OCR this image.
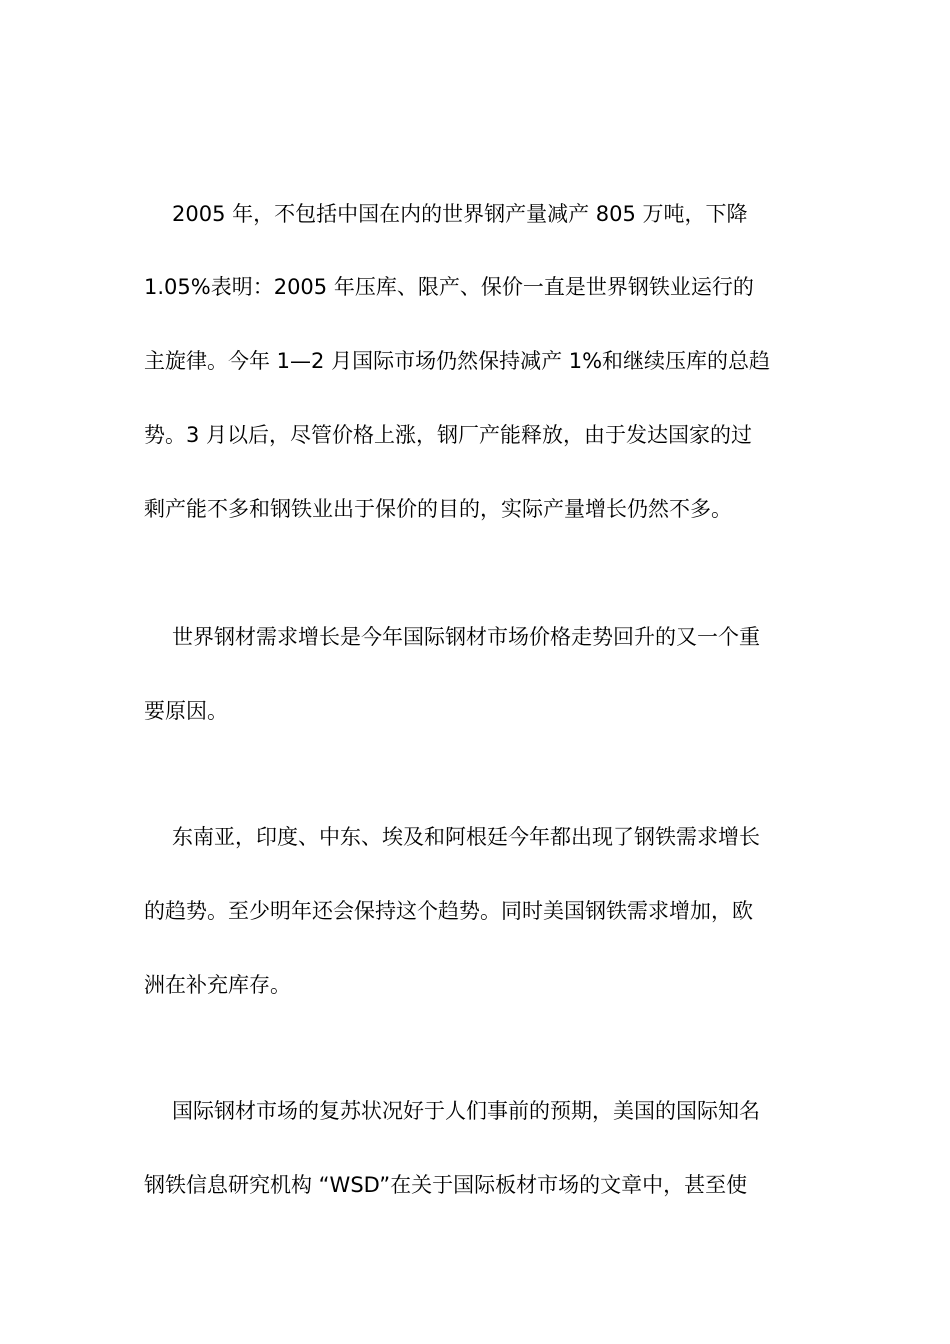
2005 年，不包括中国在内的世界钢产量减产 805 万吨，下降
1.05%表明：2005 年压库、限产、保价一直是世界钢铁业运行的
主旋律。今年 1—2 月国际市场仍然保持减产 1%和继续压库的总趋
势。3 月以后，尽管价格上涨，钢厂产能释放，由于发达国家的过
剩产能不多和钢铁业出于保价的目的，实际产量增长仍然不多。
世界钢材需求增长是今年国际钢材市场价格走势回升的又一个重
要原因。
东南亚，印度、中东、埃及和阿根廷今年都出现了钢铁需求增长
的趋势。至少明年还会保持这个趋势。同时美国钢铁需求增加，欧
洲在补充库存。
国际钢材市场的复苏状况好于人们事前的预期，美国的国际知名
钢铁信息研究机构 “WSD”在关于国际板材市场的文章中，甚至使
